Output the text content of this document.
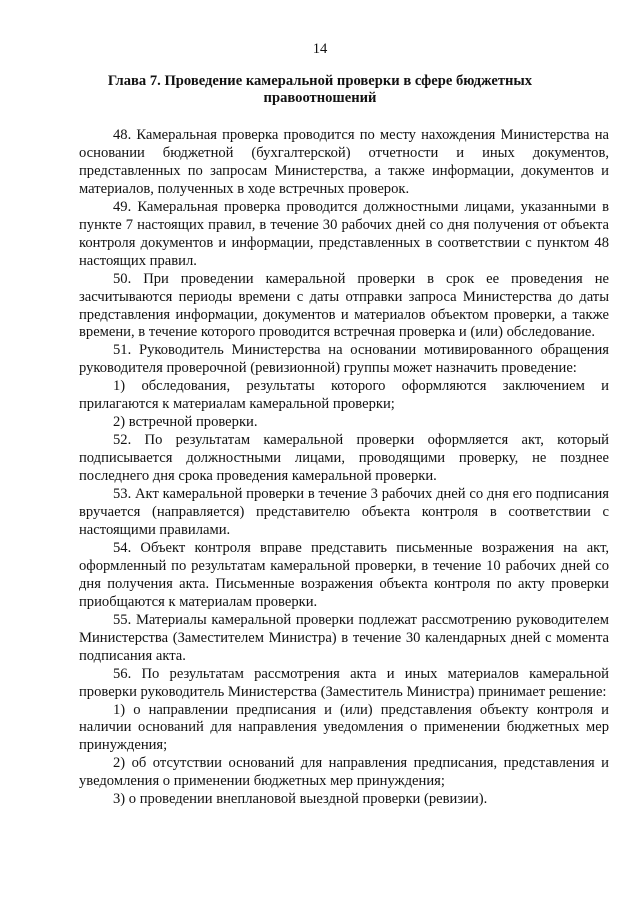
14
Глава 7. Проведение камеральной проверки в сфере бюджетных правоотношений

48. Камеральная проверка проводится по месту нахождения Министерства на основании бюджетной (бухгалтерской) отчетности и иных документов, представленных по запросам Министерства, а также информации, документов и материалов, полученных в ходе встречных проверок.

49. Камеральная проверка проводится должностными лицами, указанными в пункте 7 настоящих правил, в течение 30 рабочих дней со дня получения от объекта контроля документов и информации, представленных в соответствии с пунктом 48 настоящих правил.

50. При проведении камеральной проверки в срок ее проведения не засчитываются периоды времени с даты отправки запроса Министерства до даты представления информации, документов и материалов объектом проверки, а также времени, в течение которого проводится встречная проверка и (или) обследование.

51. Руководитель Министерства на основании мотивированного обращения руководителя проверочной (ревизионной) группы может назначить проведение:

1) обследования, результаты которого оформляются заключением и прилагаются к материалам камеральной проверки;

2) встречной проверки.

52. По результатам камеральной проверки оформляется акт, который подписывается должностными лицами, проводящими проверку, не позднее последнего дня срока проведения камеральной проверки.

53. Акт камеральной проверки в течение 3 рабочих дней со дня его подписания вручается (направляется) представителю объекта контроля в соответствии с настоящими правилами.

54. Объект контроля вправе представить письменные возражения на акт, оформленный по результатам камеральной проверки, в течение 10 рабочих дней со дня получения акта. Письменные возражения объекта контроля по акту проверки приобщаются к материалам проверки.

55. Материалы камеральной проверки подлежат рассмотрению руководителем Министерства (Заместителем Министра) в течение 30 календарных дней с момента подписания акта.

56. По результатам рассмотрения акта и иных материалов камеральной проверки руководитель Министерства (Заместитель Министра) принимает решение:

1) о направлении предписания и (или) представления объекту контроля и наличии оснований для направления уведомления о применении бюджетных мер принуждения;

2) об отсутствии оснований для направления предписания, представления и уведомления о применении бюджетных мер принуждения;

3) о проведении внеплановой выездной проверки (ревизии).
